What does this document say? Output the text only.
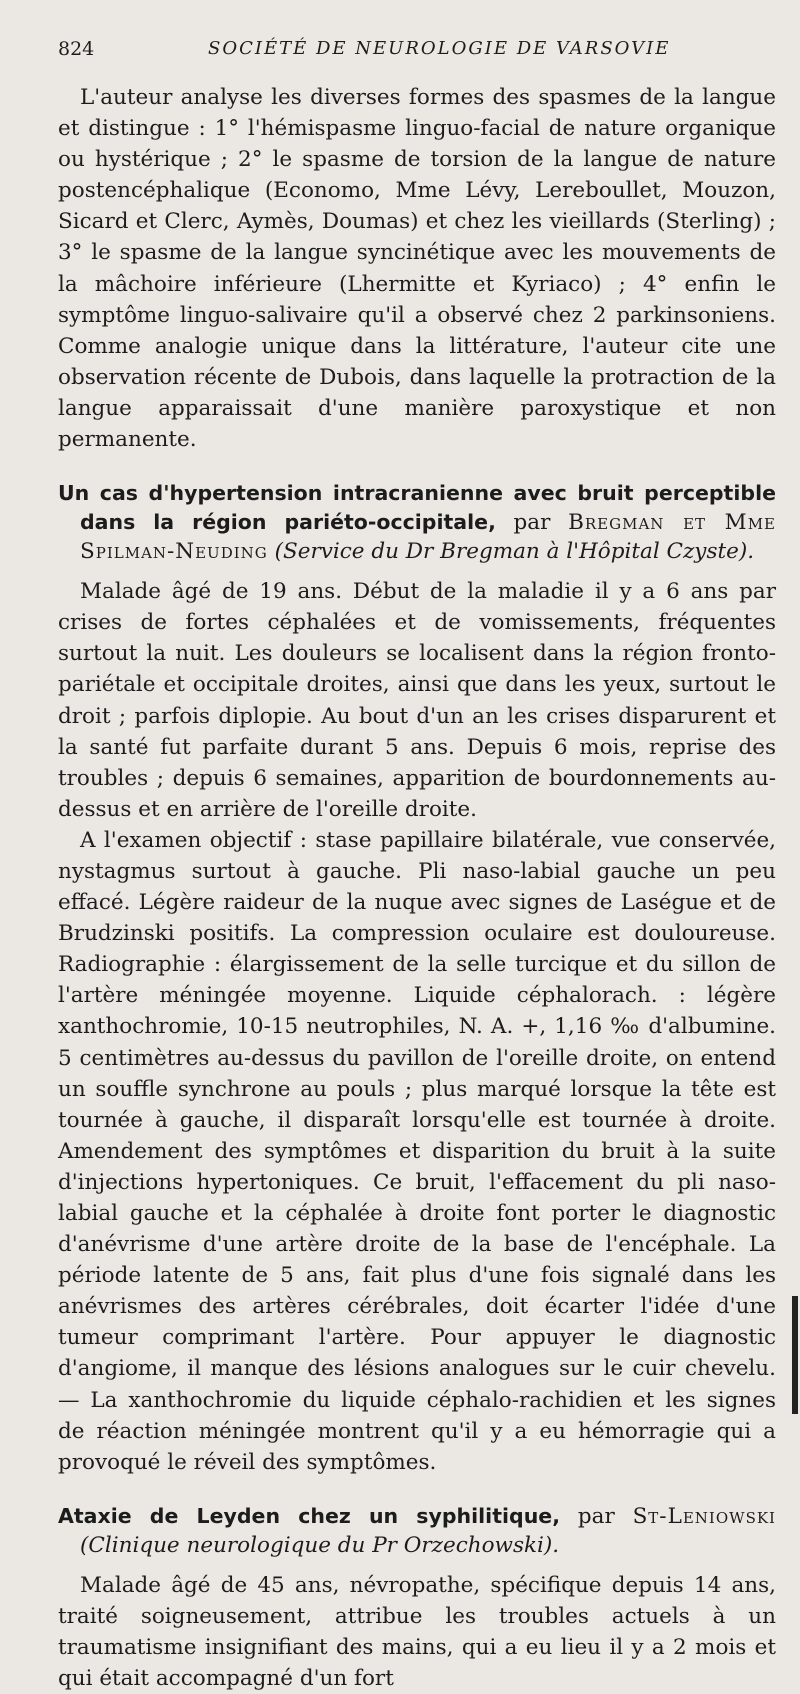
824	SOCIÉTÉ DE NEUROLOGIE DE VARSOVIE

L'auteur analyse les diverses formes des spasmes de la langue et distingue : 1° l'hémispasme linguo-facial de nature organique ou hystérique ; 2° le spasme de torsion de la langue de nature postencéphalique (Economo, Mme Lévy, Lereboullet, Mouzon, Sicard et Clerc, Aymès, Doumas) et chez les vieillards (Sterling) ; 3° le spasme de la langue syncinétique avec les mouvements de la mâchoire inférieure (Lhermitte et Kyriaco) ; 4° enfin le symptôme linguo-salivaire qu'il a observé chez 2 parkinsoniens. Comme analogie unique dans la littérature, l'auteur cite une observation récente de Dubois, dans laquelle la protraction de la langue apparaissait d'une manière paroxystique et non permanente.

Un cas d'hypertension intracranienne avec bruit perceptible dans la région pariéto-occipitale, par Bregman et Mme Spilman-Neuding (Service du Dr Bregman à l'Hôpital Czyste).

Malade âgé de 19 ans. Début de la maladie il y a 6 ans par crises de fortes céphalées et de vomissements, fréquentes surtout la nuit. Les douleurs se localisent dans la région fronto-pariétale et occipitale droites, ainsi que dans les yeux, surtout le droit ; parfois diplopie. Au bout d'un an les crises disparurent et la santé fut parfaite durant 5 ans. Depuis 6 mois, reprise des troubles ; depuis 6 semaines, apparition de bourdonnements au-dessus et en arrière de l'oreille droite.

A l'examen objectif : stase papillaire bilatérale, vue conservée, nystagmus surtout à gauche. Pli naso-labial gauche un peu effacé. Légère raideur de la nuque avec signes de Laségue et de Brudzinski positifs. La compression oculaire est douloureuse. Radiographie : élargissement de la selle turcique et du sillon de l'artère méningée moyenne. Liquide céphalorach. : légère xanthochromie, 10-15 neutrophiles, N. A. +, 1,16 ‰ d'albumine. 5 centimètres au-dessus du pavillon de l'oreille droite, on entend un souffle synchrone au pouls ; plus marqué lorsque la tête est tournée à gauche, il disparaît lorsqu'elle est tournée à droite. Amendement des symptômes et disparition du bruit à la suite d'injections hypertoniques. Ce bruit, l'effacement du pli naso-labial gauche et la céphalée à droite font porter le diagnostic d'anévrisme d'une artère droite de la base de l'encéphale. La période latente de 5 ans, fait plus d'une fois signalé dans les anévrismes des artères cérébrales, doit écarter l'idée d'une tumeur comprimant l'artère. Pour appuyer le diagnostic d'angiome, il manque des lésions analogues sur le cuir chevelu. — La xanthochromie du liquide céphalo-rachidien et les signes de réaction méningée montrent qu'il y a eu hémorragie qui a provoqué le réveil des symptômes.

Ataxie de Leyden chez un syphilitique, par St-Leniowski (Clinique neurologique du Pr Orzechowski).

Malade âgé de 45 ans, névropathe, spécifique depuis 14 ans, traité soigneusement, attribue les troubles actuels à un traumatisme insignifiant des mains, qui a eu lieu il y a 2 mois et qui était accompagné d'un fort
